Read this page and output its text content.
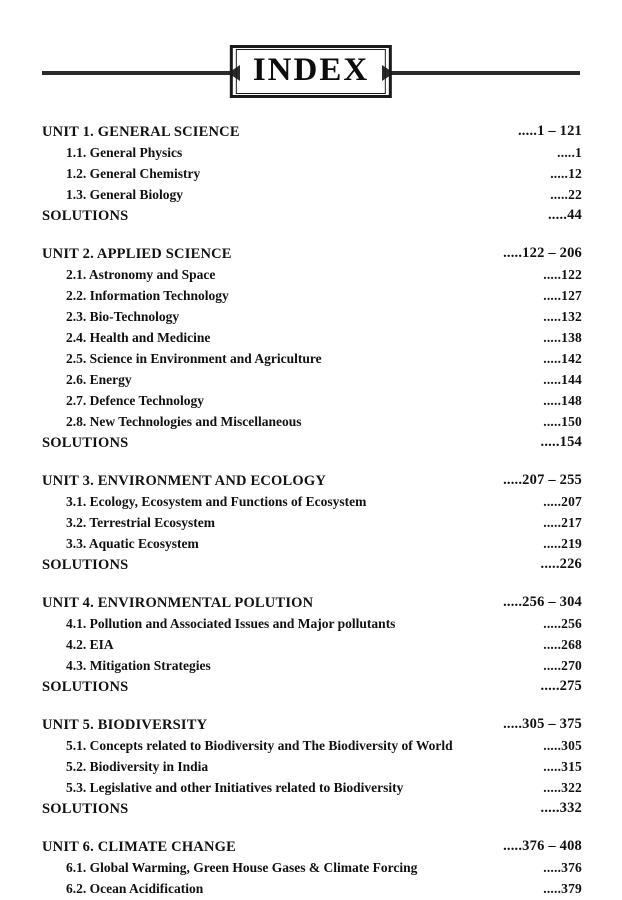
INDEX
UNIT 1. GENERAL SCIENCE	.....1 – 121
1.1. General Physics	.....1
1.2. General Chemistry	.....12
1.3. General Biology	.....22
SOLUTIONS	.....44
UNIT 2. APPLIED SCIENCE	.....122 – 206
2.1. Astronomy and Space	.....122
2.2. Information Technology	.....127
2.3. Bio-Technology	.....132
2.4. Health and Medicine	.....138
2.5. Science in Environment and Agriculture	.....142
2.6. Energy	.....144
2.7. Defence Technology	.....148
2.8. New Technologies and Miscellaneous	.....150
SOLUTIONS	.....154
UNIT 3. ENVIRONMENT AND ECOLOGY	.....207 – 255
3.1. Ecology, Ecosystem and Functions of Ecosystem	.....207
3.2. Terrestrial Ecosystem	.....217
3.3. Aquatic Ecosystem	.....219
SOLUTIONS	.....226
UNIT 4. ENVIRONMENTAL POLUTION	.....256 – 304
4.1. Pollution and Associated Issues and Major pollutants	.....256
4.2. EIA	.....268
4.3. Mitigation Strategies	.....270
SOLUTIONS	.....275
UNIT 5. BIODIVERSITY	.....305 – 375
5.1. Concepts related to Biodiversity and The Biodiversity of World	.....305
5.2. Biodiversity in India	.....315
5.3. Legislative and other Initiatives related to Biodiversity	.....322
SOLUTIONS	.....332
UNIT 6. CLIMATE CHANGE	.....376 – 408
6.1. Global Warming, Green House Gases & Climate Forcing	.....376
6.2. Ocean Acidification	.....379
